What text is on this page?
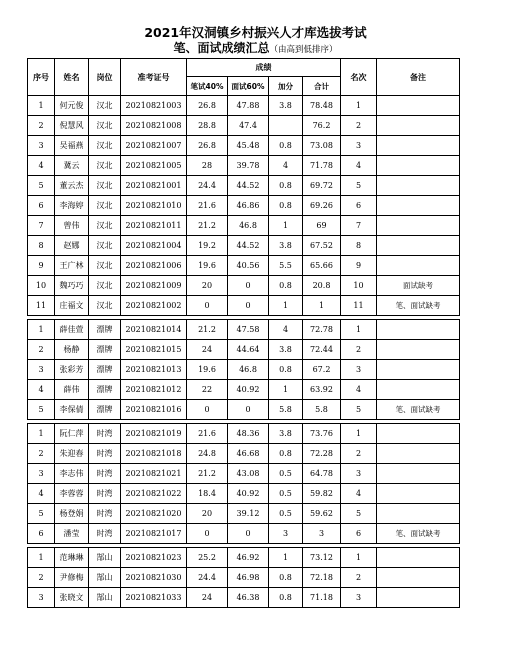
2021年汉洞镇乡村振兴人才库选拔考试
笔、面试成绩汇总（由高到低排序）
序号	姓名	岗位	准考证号	成绩				名次	备注
				笔试40%	面试60%	加分	合计		
1	何元俊	汉北	20210821003	26.8	47.88	3.8	78.48	1	
2	倪慧风	汉北	20210821008	28.8	47.4		76.2	2	
3	吴福燕	汉北	20210821007	26.8	45.48	0.8	73.08	3	
4	冀云	汉北	20210821005	28	39.78	4	71.78	4	
5	董云杰	汉北	20210821001	24.4	44.52	0.8	69.72	5	
6	李海婷	汉北	20210821010	21.6	46.86	0.8	69.26	6	
7	曾伟	汉北	20210821011	21.2	46.8	1	69	7	
8	赵娜	汉北	20210821004	19.2	44.52	3.8	67.52	8	
9	王广林	汉北	20210821006	19.6	40.56	5.5	65.66	9	
10	魏巧巧	汉北	20210821009	20	0	0.8	20.8	10	面试缺考
11	庄福文	汉北	20210821002	0	0	1	1	11	笔、面试缺考

1	薛佳萱	漂牌	20210821014	21.2	47.58	4	72.78	1	
2	杨静	漂牌	20210821015	24	44.64	3.8	72.44	2	
3	张彩芳	漂牌	20210821013	19.6	46.8	0.8	67.2	3	
4	薛伟	漂牌	20210821012	22	40.92	1	63.92	4	
5	李保倩	漂牌	20210821016	0	0	5.8	5.8	5	笔、面试缺考

1	阮仁萍	时湾	20210821019	21.6	48.36	3.8	73.76	1	
2	朱迎春	时湾	20210821018	24.8	46.68	0.8	72.28	2	
3	李志伟	时湾	20210821021	21.2	43.08	0.5	64.78	3	
4	李蓉蓉	时湾	20210821022	18.4	40.92	0.5	59.82	4	
5	杨登娟	时湾	20210821020	20	39.12	0.5	59.62	5	
6	潘莹	时湾	20210821017	0	0	3	3	6	笔、面试缺考

1	范琳琳	郜山	20210821023	25.2	46.92	1	73.12	1	
2	尹修梅	郜山	20210821030	24.4	46.98	0.8	72.18	2	
3	张晓文	郜山	20210821033	24	46.38	0.8	71.18	3	
